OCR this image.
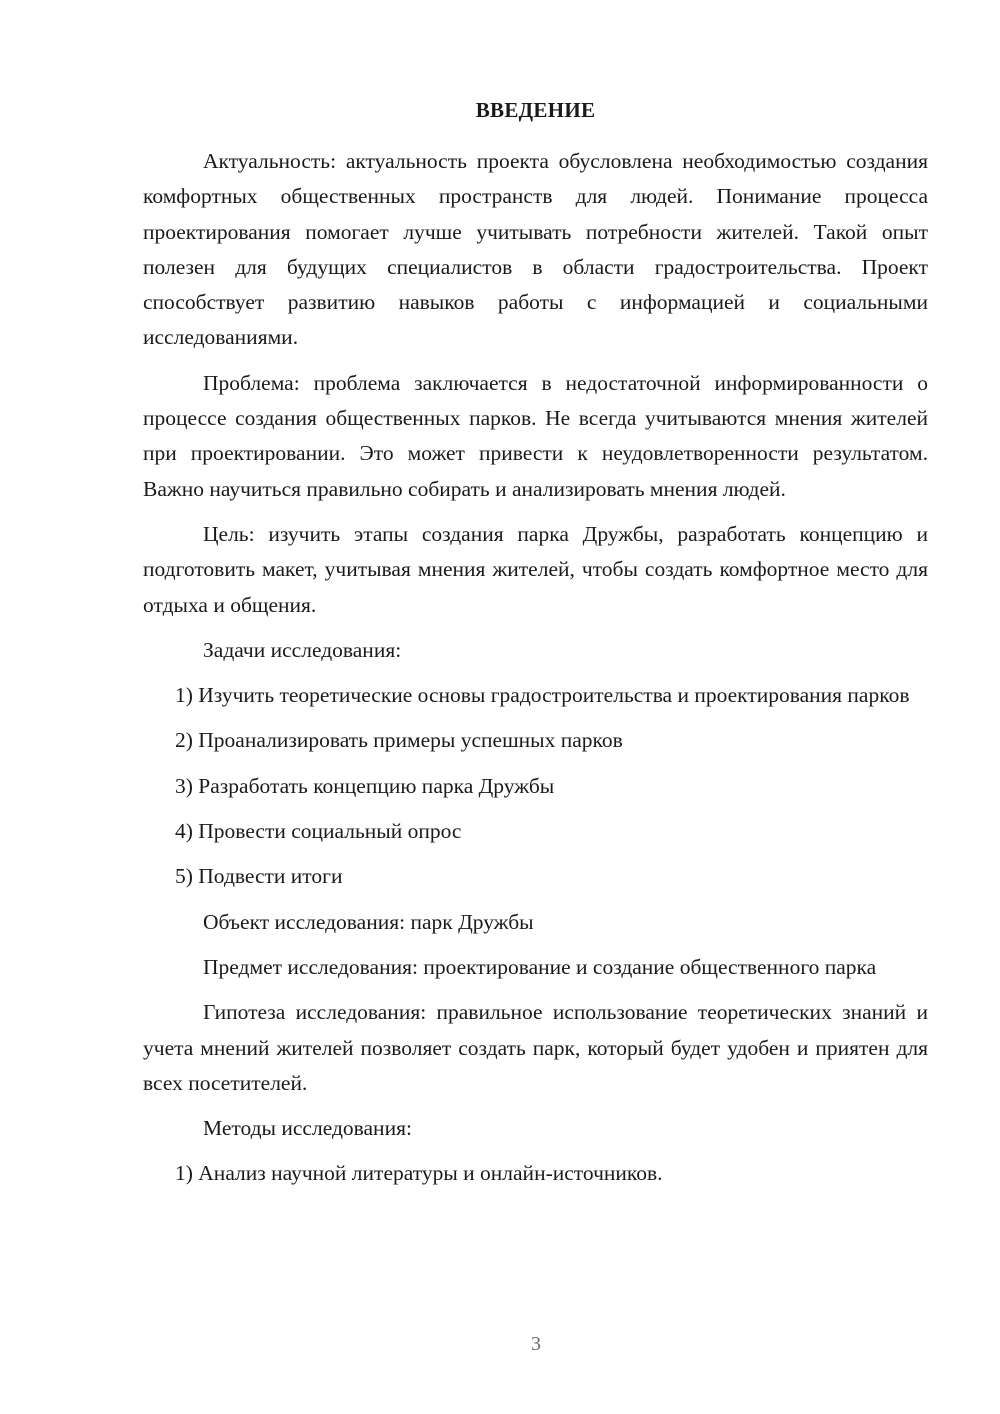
ВВЕДЕНИЕ

Актуальность: актуальность проекта обусловлена необходимостью создания комфортных общественных пространств для людей. Понимание процесса проектирования помогает лучше учитывать потребности жителей. Такой опыт полезен для будущих специалистов в области градостроительства. Проект способствует развитию навыков работы с информацией и социальными исследованиями.

Проблема: проблема заключается в недостаточной информированности о процессе создания общественных парков. Не всегда учитываются мнения жителей при проектировании. Это может привести к неудовлетворенности результатом. Важно научиться правильно собирать и анализировать мнения людей.

Цель: изучить этапы создания парка Дружбы, разработать концепцию и подготовить макет, учитывая мнения жителей, чтобы создать комфортное место для отдыха и общения.

Задачи исследования:

1) Изучить теоретические основы градостроительства и проектирования парков

2) Проанализировать примеры успешных парков

3) Разработать концепцию парка Дружбы

4) Провести социальный опрос

5) Подвести итоги

Объект исследования: парк Дружбы

Предмет исследования: проектирование и создание общественного парка

Гипотеза исследования: правильное использование теоретических знаний и учета мнений жителей позволяет создать парк, который будет удобен и приятен для всех посетителей.

Методы исследования:

1) Анализ научной литературы и онлайн-источников.

3
